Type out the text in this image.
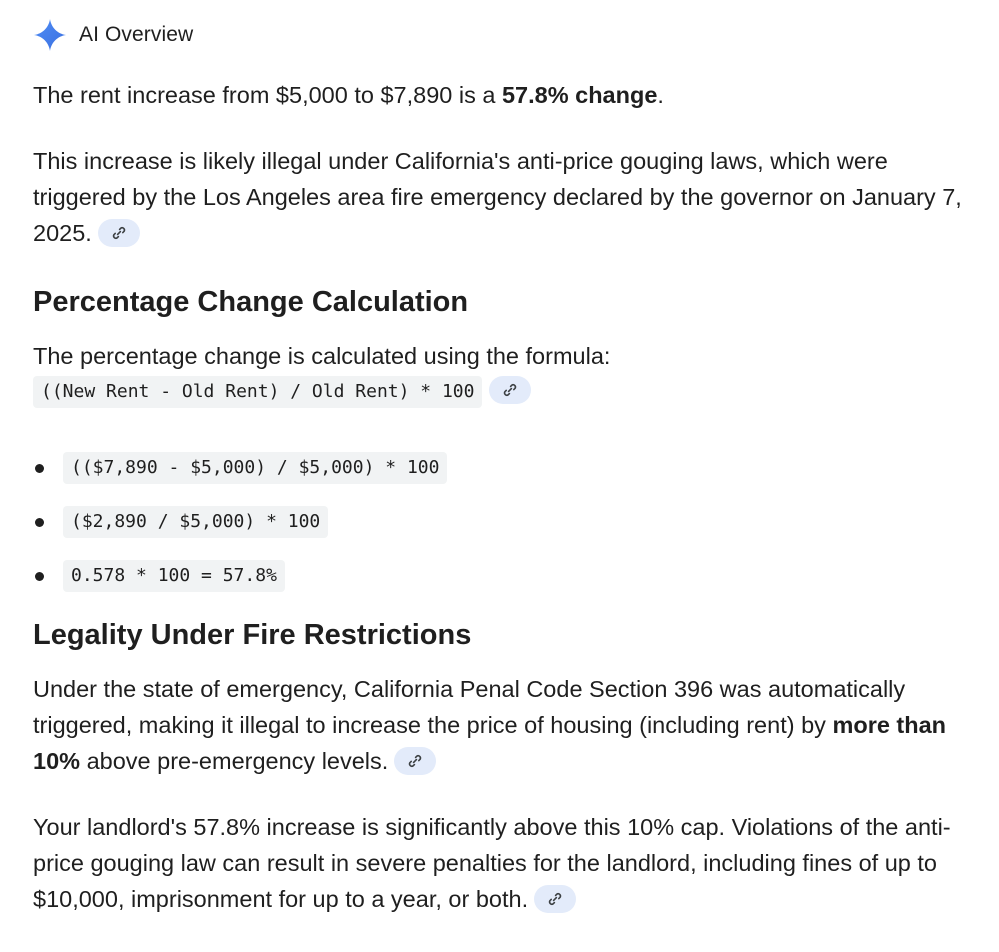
AI Overview

The rent increase from $5,000 to $7,890 is a 57.8% change.

This increase is likely illegal under California's anti-price gouging laws, which were triggered by the Los Angeles area fire emergency declared by the governor on January 7, 2025.

Percentage Change Calculation

The percentage change is calculated using the formula:

((New Rent - Old Rent) / Old Rent) * 100
(($7,890 - $5,000) / $5,000) * 100
($2,890 / $5,000) * 100
0.578 * 100 = 57.8%
Legality Under Fire Restrictions

Under the state of emergency, California Penal Code Section 396 was automatically triggered, making it illegal to increase the price of housing (including rent) by more than 10% above pre-emergency levels.

Your landlord's 57.8% increase is significantly above this 10% cap. Violations of the anti-price gouging law can result in severe penalties for the landlord, including fines of up to $10,000, imprisonment for up to a year, or both.
